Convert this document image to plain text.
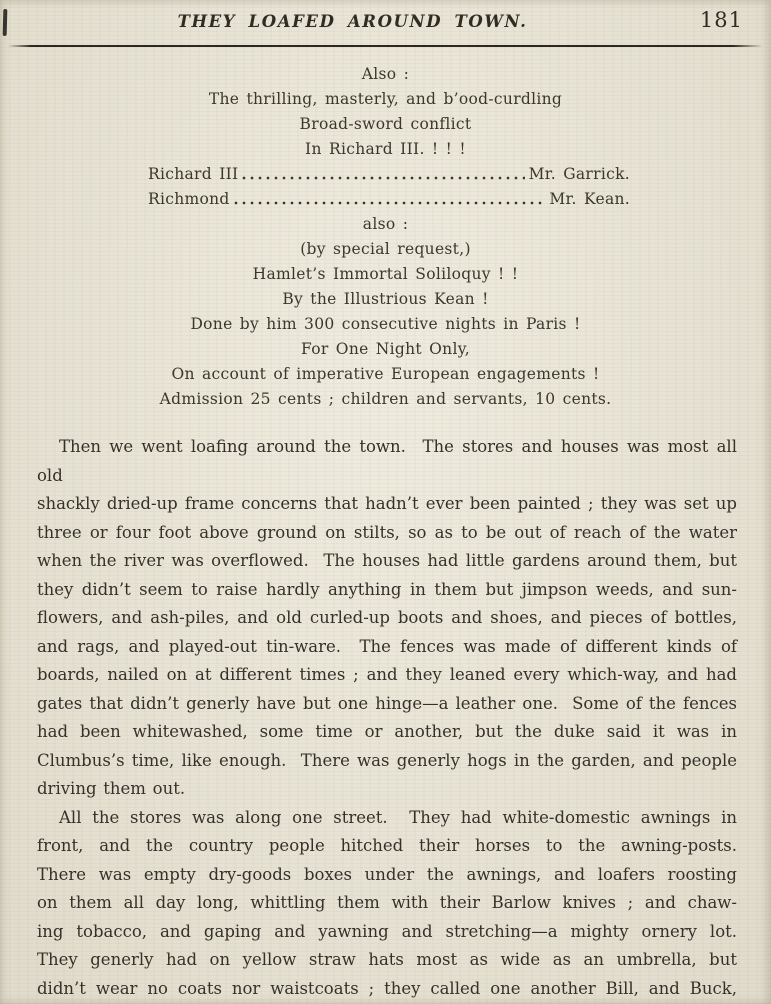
THEY LOAFED AROUND TOWN.	181
Also :
The thrilling, masterly, and b’ood-curdling
Broad-sword conflict
In Richard III. ! ! !
Richard III	Mr. Garrick.
Richmond	Mr. Kean.
also :
(by special request,)
Hamlet’s Immortal Soliloquy ! !
By the Illustrious Kean !
Done by him 300 consecutive nights in Paris !
For One Night Only,
On account of imperative European engagements !
Admission 25 cents ; children and servants, 10 cents.
Then we went loafing around the town.  The stores and houses was most all old
shackly dried-up frame concerns that hadn’t ever been painted ; they was set up
three or four foot above ground on stilts, so as to be out of reach of the water
when the river was overflowed.  The houses had little gardens around them, but
they didn’t seem to raise hardly anything in them but jimpson weeds, and sun-
flowers, and ash-piles, and old curled-up boots and shoes, and pieces of bottles,
and rags, and played-out tin-ware.  The fences was made of different kinds of
boards, nailed on at different times ; and they leaned every which-way, and had
gates that didn’t generly have but one hinge—a leather one.  Some of the fences
had been whitewashed, some time or another, but the duke said it was in
Clumbus’s time, like enough.  There was generly hogs in the garden, and people
driving them out.
All the stores was along one street.  They had white-domestic awnings in
front, and the country people hitched their horses to the awning-posts.
There was empty dry-goods boxes under the awnings, and loafers roosting
on them all day long, whittling them with their Barlow knives ; and chaw-
ing tobacco, and gaping and yawning and stretching—a mighty ornery lot.
They generly had on yellow straw hats most as wide as an umbrella, but
didn’t wear no coats nor waistcoats ; they called one another Bill, and Buck,
